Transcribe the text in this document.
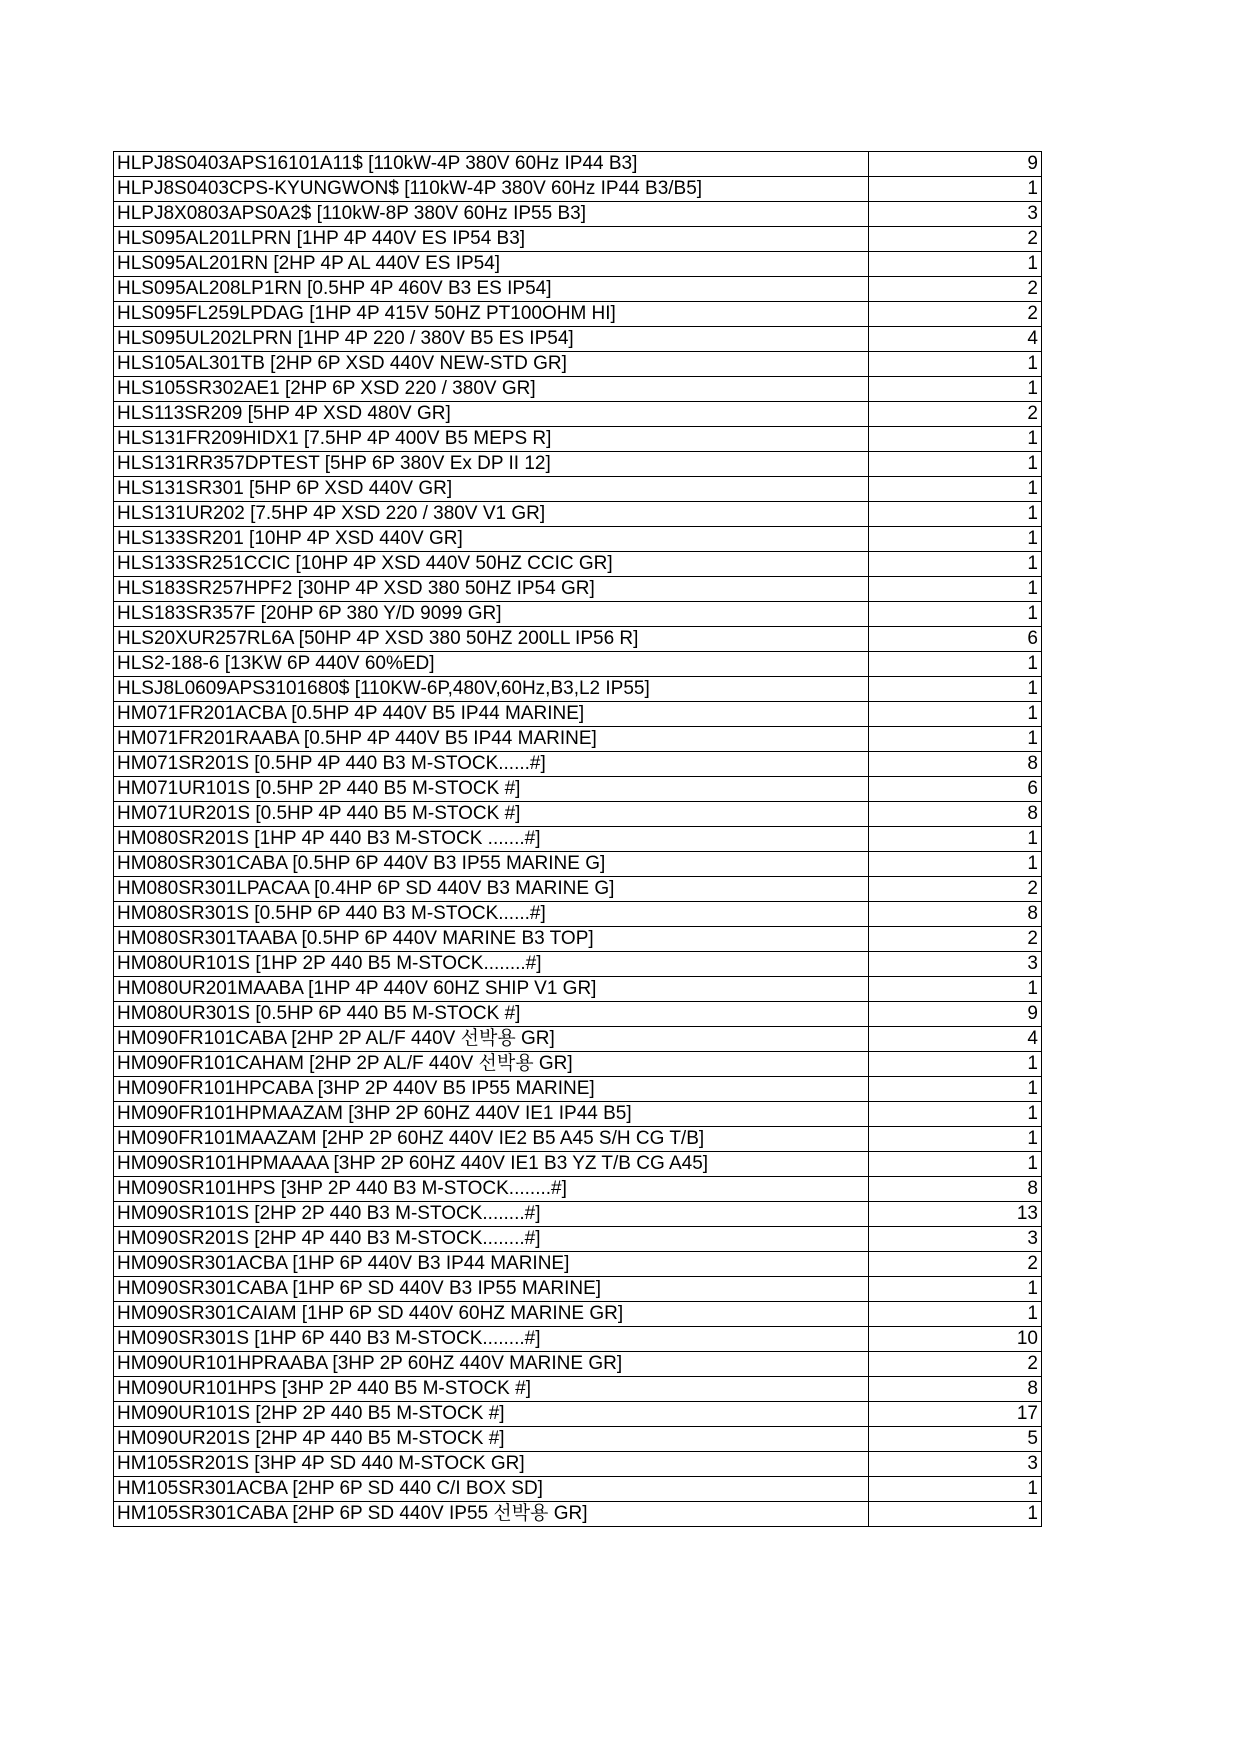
HLPJ8S0403APS16101A11$ [110kW-4P 380V 60Hz IP44 B3]	9
HLPJ8S0403CPS-KYUNGWON$ [110kW-4P 380V 60Hz IP44 B3/B5]	1
HLPJ8X0803APS0A2$ [110kW-8P 380V 60Hz IP55 B3]	3
HLS095AL201LPRN [1HP 4P 440V ES IP54 B3]	2
HLS095AL201RN [2HP 4P AL 440V ES IP54]	1
HLS095AL208LP1RN [0.5HP 4P 460V B3 ES IP54]	2
HLS095FL259LPDAG [1HP 4P 415V 50HZ PT100OHM HI]	2
HLS095UL202LPRN [1HP 4P 220 / 380V B5 ES IP54]	4
HLS105AL301TB [2HP 6P XSD 440V NEW-STD GR]	1
HLS105SR302AE1 [2HP 6P XSD 220 / 380V GR]	1
HLS113SR209 [5HP 4P XSD 480V GR]	2
HLS131FR209HIDX1 [7.5HP 4P 400V B5 MEPS R]	1
HLS131RR357DPTEST [5HP 6P 380V Ex DP II 12]	1
HLS131SR301 [5HP 6P XSD 440V GR]	1
HLS131UR202 [7.5HP 4P XSD 220 / 380V V1 GR]	1
HLS133SR201 [10HP 4P XSD 440V GR]	1
HLS133SR251CCIC [10HP 4P XSD 440V 50HZ CCIC GR]	1
HLS183SR257HPF2 [30HP 4P XSD 380 50HZ IP54 GR]	1
HLS183SR357F [20HP 6P 380 Y/D 9099 GR]	1
HLS20XUR257RL6A [50HP 4P XSD 380 50HZ 200LL IP56 R]	6
HLS2-188-6 [13KW 6P 440V 60%ED]	1
HLSJ8L0609APS3101680$ [110KW-6P,480V,60Hz,B3,L2 IP55]	1
HM071FR201ACBA [0.5HP 4P 440V B5 IP44 MARINE]	1
HM071FR201RAABA [0.5HP 4P 440V B5 IP44 MARINE]	1
HM071SR201S [0.5HP 4P 440 B3 M-STOCK......#]	8
HM071UR101S [0.5HP 2P 440 B5 M-STOCK #]	6
HM071UR201S [0.5HP 4P 440 B5 M-STOCK #]	8
HM080SR201S [1HP 4P 440 B3 M-STOCK .......#]	1
HM080SR301CABA [0.5HP 6P 440V B3 IP55 MARINE G]	1
HM080SR301LPACAA [0.4HP 6P SD 440V B3 MARINE G]	2
HM080SR301S [0.5HP 6P 440 B3 M-STOCK......#]	8
HM080SR301TAABA [0.5HP 6P 440V MARINE B3 TOP]	2
HM080UR101S [1HP 2P 440 B5 M-STOCK........#]	3
HM080UR201MAABA [1HP 4P 440V 60HZ SHIP V1 GR]	1
HM080UR301S [0.5HP 6P 440 B5 M-STOCK #]	9
HM090FR101CABA [2HP 2P AL/F 440V 선박용 GR]	4
HM090FR101CAHAM [2HP 2P AL/F 440V 선박용 GR]	1
HM090FR101HPCABA [3HP 2P 440V B5 IP55 MARINE]	1
HM090FR101HPMAAZAM [3HP 2P 60HZ 440V IE1 IP44 B5]	1
HM090FR101MAAZAM [2HP 2P 60HZ 440V IE2 B5 A45 S/H CG T/B]	1
HM090SR101HPMAAAA [3HP 2P 60HZ 440V IE1 B3 YZ T/B CG A45]	1
HM090SR101HPS [3HP 2P 440 B3 M-STOCK........#]	8
HM090SR101S [2HP 2P 440 B3 M-STOCK........#]	13
HM090SR201S [2HP 4P 440 B3 M-STOCK........#]	3
HM090SR301ACBA [1HP 6P 440V B3 IP44 MARINE]	2
HM090SR301CABA [1HP 6P SD 440V B3 IP55 MARINE]	1
HM090SR301CAIAM [1HP 6P SD 440V 60HZ MARINE GR]	1
HM090SR301S [1HP 6P 440 B3 M-STOCK........#]	10
HM090UR101HPRAABA [3HP 2P 60HZ 440V MARINE GR]	2
HM090UR101HPS [3HP 2P 440 B5 M-STOCK #]	8
HM090UR101S [2HP 2P 440 B5 M-STOCK #]	17
HM090UR201S [2HP 4P 440 B5 M-STOCK #]	5
HM105SR201S [3HP 4P SD 440 M-STOCK GR]	3
HM105SR301ACBA [2HP 6P SD 440 C/I BOX SD]	1
HM105SR301CABA [2HP 6P SD 440V IP55 선박용 GR]	1
